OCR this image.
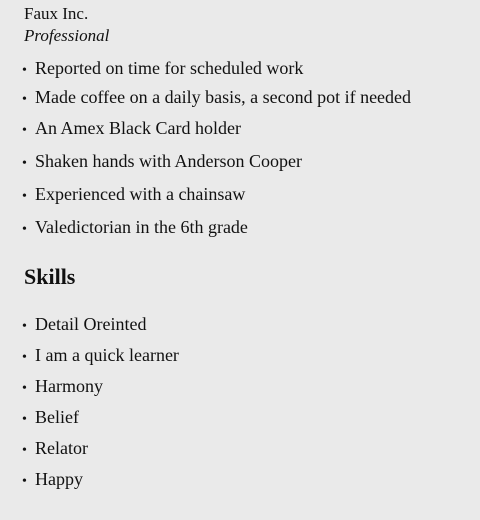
Faux Inc.
Professional
• Reported on time for scheduled work
• Made coffee on a daily basis, a second pot if needed
• An Amex Black Card holder
• Shaken hands with Anderson Cooper
• Experienced with a chainsaw
• Valedictorian in the 6th grade
Skills
• Detail Oreinted
• I am a quick learner
• Harmony
• Belief
• Relator
• Happy
